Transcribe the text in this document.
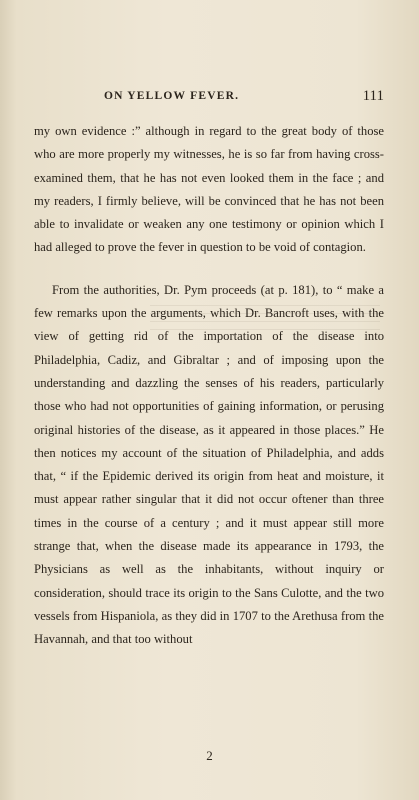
ON YELLOW FEVER.	111

my own evidence :” although in regard to the great body of those who are more properly my witnesses, he is so far from having cross-examined them, that he has not even looked them in the face ; and my readers, I firmly believe, will be convinced that he has not been able to invalidate or weaken any one testimony or opinion which I had alleged to prove the fever in question to be void of contagion.

From the authorities, Dr. Pym proceeds (at p. 181), to “ make a few remarks upon the arguments, which Dr. Bancroft uses, with the view of getting rid of the importation of the disease into Philadelphia, Cadiz, and Gibraltar ; and of imposing upon the understanding and dazzling the senses of his readers, particularly those who had not opportunities of gaining information, or perusing original histories of the disease, as it appeared in those places.” He then notices my account of the situation of Philadelphia, and adds that, “ if the Epidemic derived its origin from heat and moisture, it must appear rather singular that it did not occur oftener than three times in the course of a century ; and it must appear still more strange that, when the disease made its appearance in 1793, the Physicians as well as the inhabitants, without inquiry or consideration, should trace its origin to the Sans Culotte, and the two vessels from Hispaniola, as they did in 1707 to the Arethusa from the Havannah, and that too without

2
